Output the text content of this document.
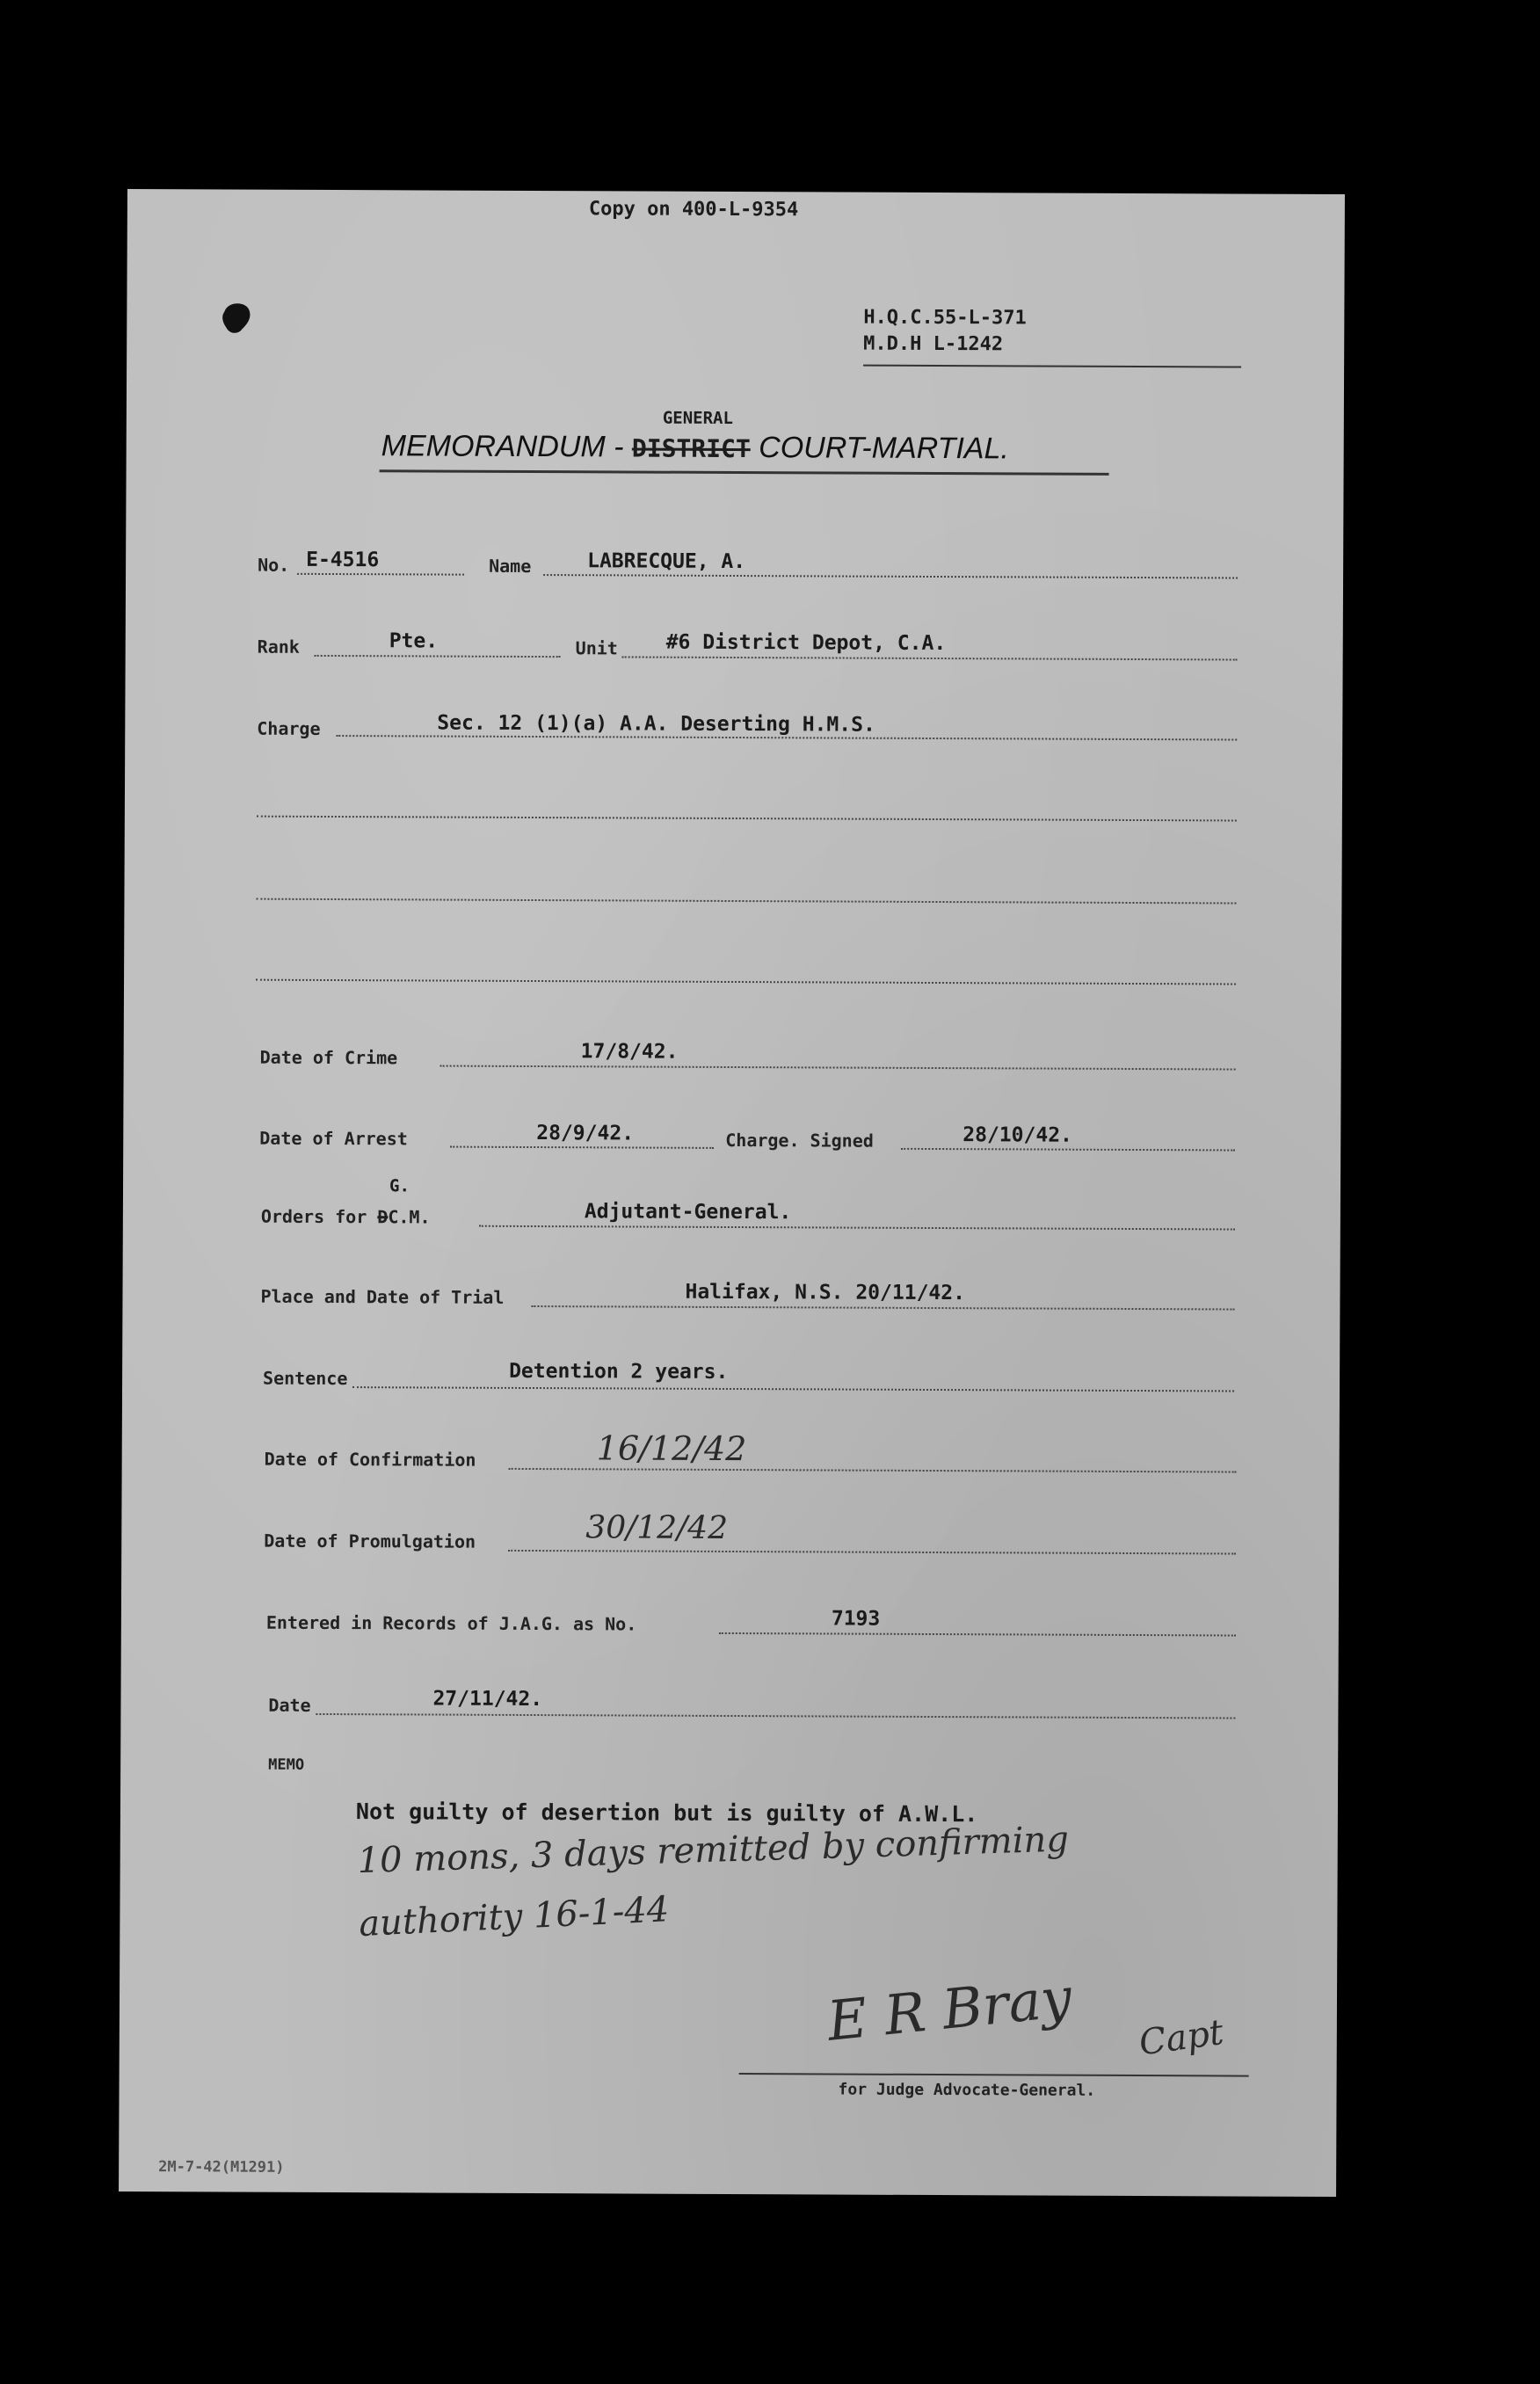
Copy on 400-L-9354
H.Q.C.55-L-371
M.D.H L-1242
GENERAL
MEMORANDUM - DISTRICT COURT-MARTIAL.
No. E-4516	Name	LABRECQUE, A.
Rank	Pte.	Unit #6 District Depot, C.A.
Charge	Sec. 12 (1)(a) A.A. Deserting H.M.S.
Date of Crime	17/8/42.
Date of Arrest	28/9/42.	Charge. Signed	28/10/42.
G.
Orders for DC.M.	Adjutant-General.
Place and Date of Trial	Halifax, N.S. 20/11/42.
Sentence	Detention 2 years.
Date of Confirmation	16/12/42
Date of Promulgation	30/12/42
Entered in Records of J.A.G. as No.	7193
Date	27/11/42.
MEMO
Not guilty of desertion but is guilty of A.W.L.
10 mons, 3 days remitted by confirming
authority 16-1-44
E R Bray Capt
for Judge Advocate-General.
2M-7-42(M1291)
